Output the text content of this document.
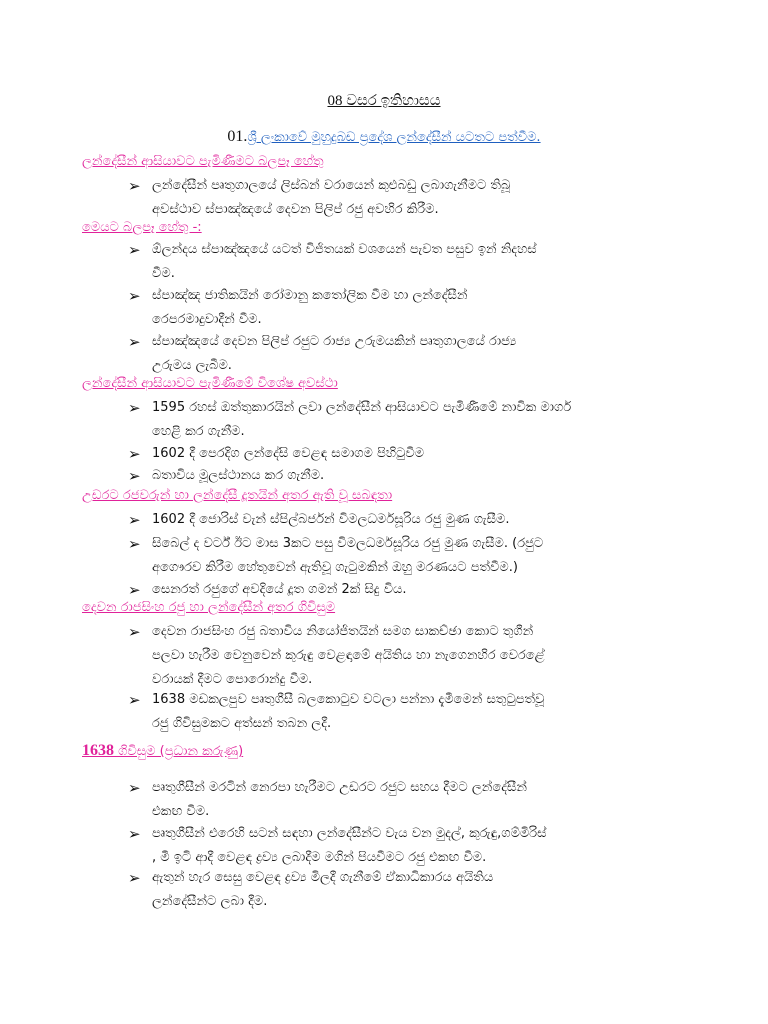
08 වසර ඉතිහාසය
01.ශ්‍රී ලංකාවේ මුහුදුබඩ ප්‍රදේශ ලන්දේසීන් යටතට පත්වීම.
ලන්දේසීන් ආසියාවට පැමිණීමට බලපෑ හේතු
➢ ලන්දේසීන් පෘතුගාලයේ ලිස්බන් වරායෙන් කුළුබඩු ලබාගැනීමට තිබූ
අවස්ථාව ස්පාඤ්ඤයේ දෙවන පිලිප් රජු අවහිර කිරීම.
මෙයට බලපෑ හේතු -:
➢ ඕලන්දය ස්පාඤ්ඤයේ යටත් විජිතයක් වශයෙන් පැවත පසුව ඉන් නිදහස්
වීම.
➢ ස්පාඤ්ඤ ජාතිකයින් රෝමානු කතෝලික වීම හා ලන්දේසීන්
රෙපරමාදුවාදීන් වීම.
➢ ස්පාඤ්ඤයේ දෙවන පිලිප් රජුට රාජ්‍ය උරුමයකින් පෘතුගාලයේ රාජ්‍ය
උරුමය ලැබීම.
ලන්දේසීන් ආසියාවට පැමිණීමේ විශේෂ අවස්ථා
➢ 1595 රහස් ඔත්තුකාරයින් ලවා ලන්දේසීන් ආසියාවට පැමිණීමේ නාවික මාර්ග
හෙළි කර ගැනීම.
➢ 1602 දී පෙරදිග ලන්දේසි වෙළඳ සමාගම පිහිටුවීම
➢ බතාවිය මූලස්ථානය කර ගැනීම.
උඩරට රජවරුන් හා ලන්දේසී දූතයින් අතර ඇති වූ සබඳතා
➢ 1602 දී ජොරිස් වැන් ස්පිල්බර්ජන් විමලධර්මසූරිය රජු මුණ ගැසීම.
➢ සිබෙල් ද වර්ට් ඊට මාස 3කට පසු විමලධර්මසූරිය රජු මුණ ගැසීම. (රජුට
අගෞරව කිරීම හේතුවෙන් ඇතිවූ ගැටුමකින් ඔහු මරණයට පත්වීම.)
➢ සෙනරත් රජුගේ අවදියේ දූත ගමන් 2ක් සිදු විය.
දෙවන රාජසිංහ රජු හා ලන්දේසීන් අතර ගිවිසුම
➢ දෙවන රාජසිංහ රජු බතාවිය නියෝජිතයින් සමග සාකච්ඡා කොට තුගීන්
පලවා හැරීම වෙනුවෙන් කුරුඳු වෙළඳාමේ අයිතිය හා නැගෙනහිර වෙරළේ
වරායක් දීමට පොරොන්දු වීම.
➢ 1638 මඩකලපුව පෘතුගීසී බලකොටුව වටලා පන්නා දැමීමෙන් සතුටුපත්වූ
රජු ගිවිසුමකට අත්සන් තබන ලදී.
1638 ගිවිසුම (ප්‍රධාන කරුණු)
➢ පෘතුගීසීන් මරටින් නෙරපා හැරීමට උඩරට රජුට සහය දීමට ලන්දේසීන්
එකඟ වීම.
➢ පෘතුගීසීන් එරෙහි සටන් සඳහා ලන්දේසීන්ට වැය වන මුදල්, කුරුඳු,ගම්මිරිස්
, මී ඉටි ආදී වෙළඳ ද්‍රව්‍ය ලබාදීම මගින් පියවීමට රජු එකඟ වීම.
➢ ඇතුන් හැර සෙසු වෙළඳ ද්‍රව්‍ය මිලදී ගැනීමේ ඒකාධිකාරය අයිතිය
ලන්දේසීන්ට ලබා දීම.
